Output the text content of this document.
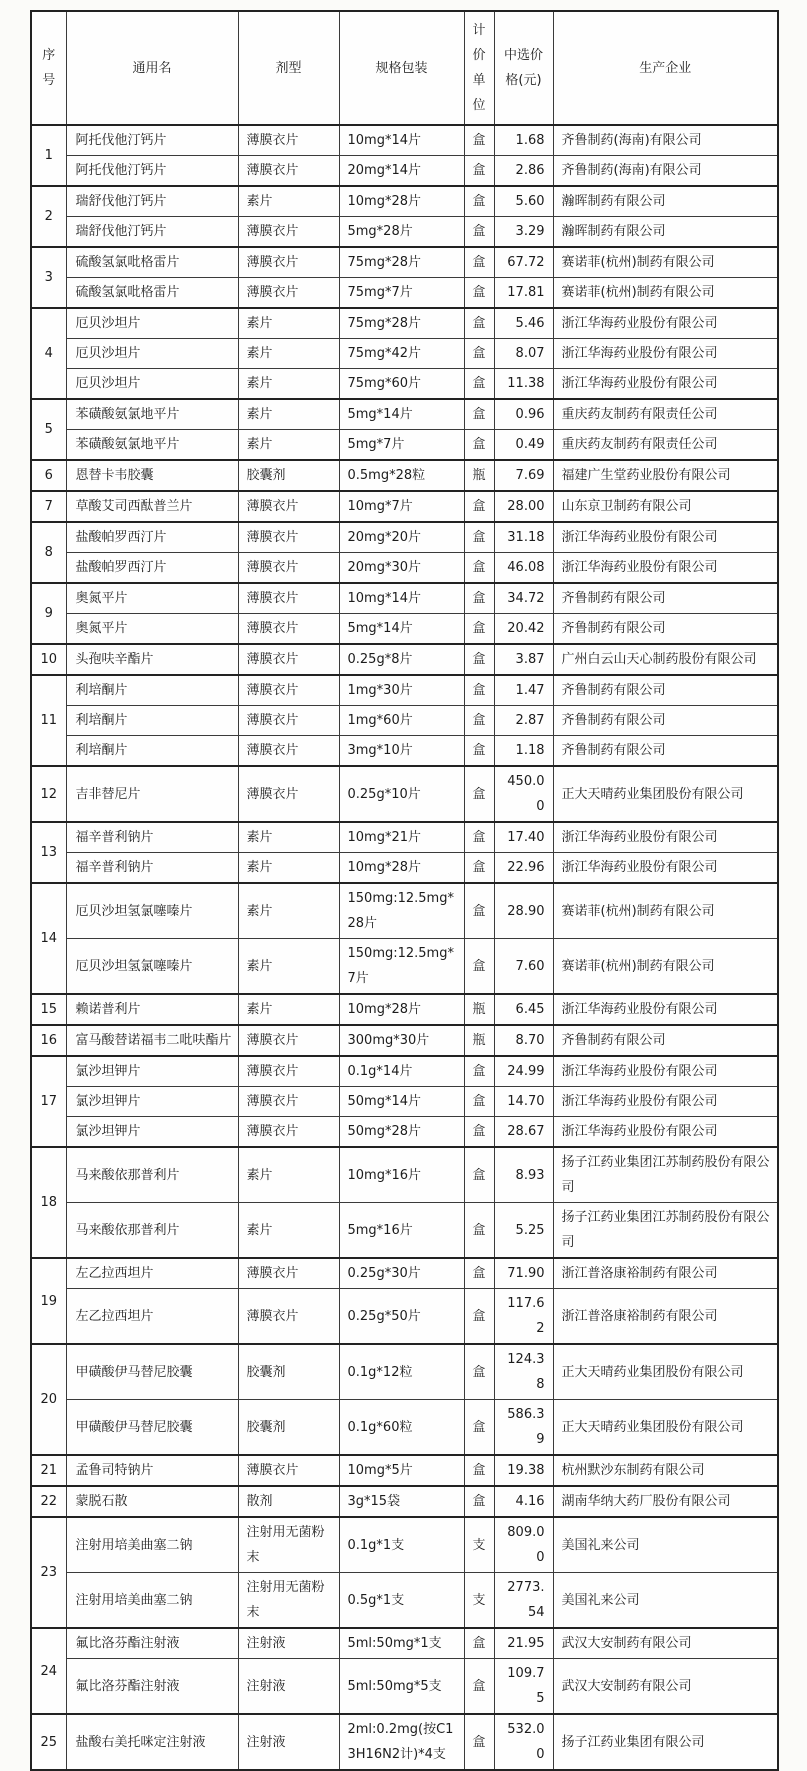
序号	通用名	剂型	规格包装	计价单位	中选价格(元)	生产企业
1	阿托伐他汀钙片	薄膜衣片	10mg*14片	盒	1.68	齐鲁制药(海南)有限公司
	阿托伐他汀钙片	薄膜衣片	20mg*14片	盒	2.86	齐鲁制药(海南)有限公司
2	瑞舒伐他汀钙片	素片	10mg*28片	盒	5.60	瀚晖制药有限公司
	瑞舒伐他汀钙片	薄膜衣片	5mg*28片	盒	3.29	瀚晖制药有限公司
3	硫酸氢氯吡格雷片	薄膜衣片	75mg*28片	盒	67.72	赛诺菲(杭州)制药有限公司
	硫酸氢氯吡格雷片	薄膜衣片	75mg*7片	盒	17.81	赛诺菲(杭州)制药有限公司
4	厄贝沙坦片	素片	75mg*28片	盒	5.46	浙江华海药业股份有限公司
	厄贝沙坦片	素片	75mg*42片	盒	8.07	浙江华海药业股份有限公司
	厄贝沙坦片	素片	75mg*60片	盒	11.38	浙江华海药业股份有限公司
5	苯磺酸氨氯地平片	素片	5mg*14片	盒	0.96	重庆药友制药有限责任公司
	苯磺酸氨氯地平片	素片	5mg*7片	盒	0.49	重庆药友制药有限责任公司
6	恩替卡韦胶囊	胶囊剂	0.5mg*28粒	瓶	7.69	福建广生堂药业股份有限公司
7	草酸艾司西酞普兰片	薄膜衣片	10mg*7片	盒	28.00	山东京卫制药有限公司
8	盐酸帕罗西汀片	薄膜衣片	20mg*20片	盒	31.18	浙江华海药业股份有限公司
	盐酸帕罗西汀片	薄膜衣片	20mg*30片	盒	46.08	浙江华海药业股份有限公司
9	奥氮平片	薄膜衣片	10mg*14片	盒	34.72	齐鲁制药有限公司
	奥氮平片	薄膜衣片	5mg*14片	盒	20.42	齐鲁制药有限公司
10	头孢呋辛酯片	薄膜衣片	0.25g*8片	盒	3.87	广州白云山天心制药股份有限公司
11	利培酮片	薄膜衣片	1mg*30片	盒	1.47	齐鲁制药有限公司
	利培酮片	薄膜衣片	1mg*60片	盒	2.87	齐鲁制药有限公司
	利培酮片	薄膜衣片	3mg*10片	盒	1.18	齐鲁制药有限公司
12	吉非替尼片	薄膜衣片	0.25g*10片	盒	450.00	正大天晴药业集团股份有限公司
13	福辛普利钠片	素片	10mg*21片	盒	17.40	浙江华海药业股份有限公司
	福辛普利钠片	素片	10mg*28片	盒	22.96	浙江华海药业股份有限公司
14	厄贝沙坦氢氯噻嗪片	素片	150mg:12.5mg*28片	盒	28.90	赛诺菲(杭州)制药有限公司
	厄贝沙坦氢氯噻嗪片	素片	150mg:12.5mg*7片	盒	7.60	赛诺菲(杭州)制药有限公司
15	赖诺普利片	素片	10mg*28片	瓶	6.45	浙江华海药业股份有限公司
16	富马酸替诺福韦二吡呋酯片	薄膜衣片	300mg*30片	瓶	8.70	齐鲁制药有限公司
17	氯沙坦钾片	薄膜衣片	0.1g*14片	盒	24.99	浙江华海药业股份有限公司
	氯沙坦钾片	薄膜衣片	50mg*14片	盒	14.70	浙江华海药业股份有限公司
	氯沙坦钾片	薄膜衣片	50mg*28片	盒	28.67	浙江华海药业股份有限公司
18	马来酸依那普利片	素片	10mg*16片	盒	8.93	扬子江药业集团江苏制药股份有限公司
	马来酸依那普利片	素片	5mg*16片	盒	5.25	扬子江药业集团江苏制药股份有限公司
19	左乙拉西坦片	薄膜衣片	0.25g*30片	盒	71.90	浙江普洛康裕制药有限公司
	左乙拉西坦片	薄膜衣片	0.25g*50片	盒	117.62	浙江普洛康裕制药有限公司
20	甲磺酸伊马替尼胶囊	胶囊剂	0.1g*12粒	盒	124.38	正大天晴药业集团股份有限公司
	甲磺酸伊马替尼胶囊	胶囊剂	0.1g*60粒	盒	586.39	正大天晴药业集团股份有限公司
21	孟鲁司特钠片	薄膜衣片	10mg*5片	盒	19.38	杭州默沙东制药有限公司
22	蒙脱石散	散剂	3g*15袋	盒	4.16	湖南华纳大药厂股份有限公司
23	注射用培美曲塞二钠	注射用无菌粉末	0.1g*1支	支	809.00	美国礼来公司
	注射用培美曲塞二钠	注射用无菌粉末	0.5g*1支	支	2773.54	美国礼来公司
24	氟比洛芬酯注射液	注射液	5ml:50mg*1支	盒	21.95	武汉大安制药有限公司
	氟比洛芬酯注射液	注射液	5ml:50mg*5支	盒	109.75	武汉大安制药有限公司
25	盐酸右美托咪定注射液	注射液	2ml:0.2mg(按C13H16N2计)*4支	盒	532.00	扬子江药业集团有限公司
